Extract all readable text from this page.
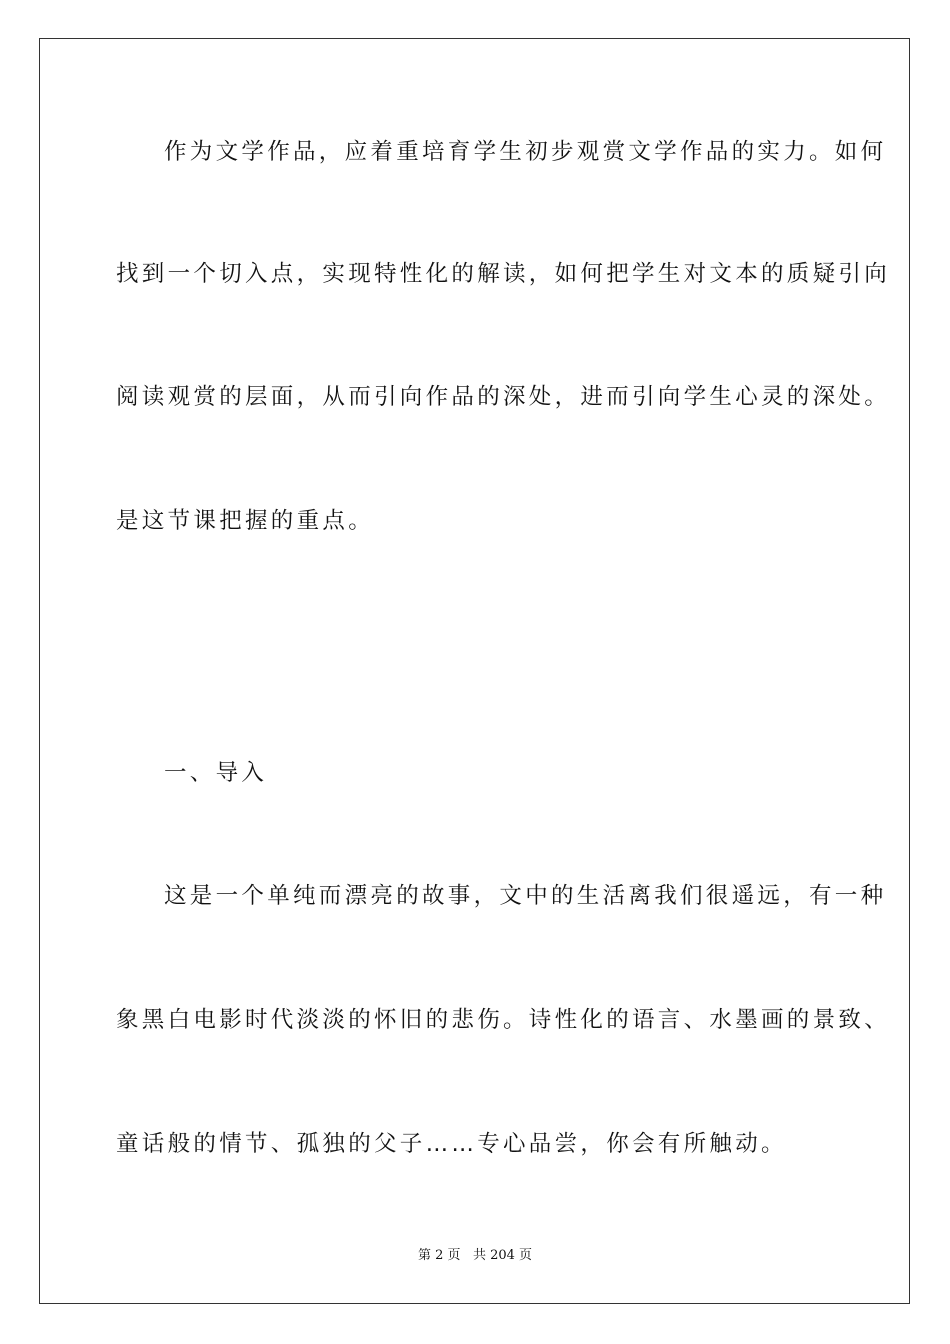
作为文学作品，应着重培育学生初步观赏文学作品的实力。如何
找到一个切入点，实现特性化的解读，如何把学生对文本的质疑引向
阅读观赏的层面，从而引向作品的深处，进而引向学生心灵的深处。
是这节课把握的重点。
一、导入
这是一个单纯而漂亮的故事，文中的生活离我们很遥远，有一种
象黑白电影时代淡淡的怀旧的悲伤。诗性化的语言、水墨画的景致、
童话般的情节、孤独的父子……专心品尝，你会有所触动。
第 2 页 共 204 页
